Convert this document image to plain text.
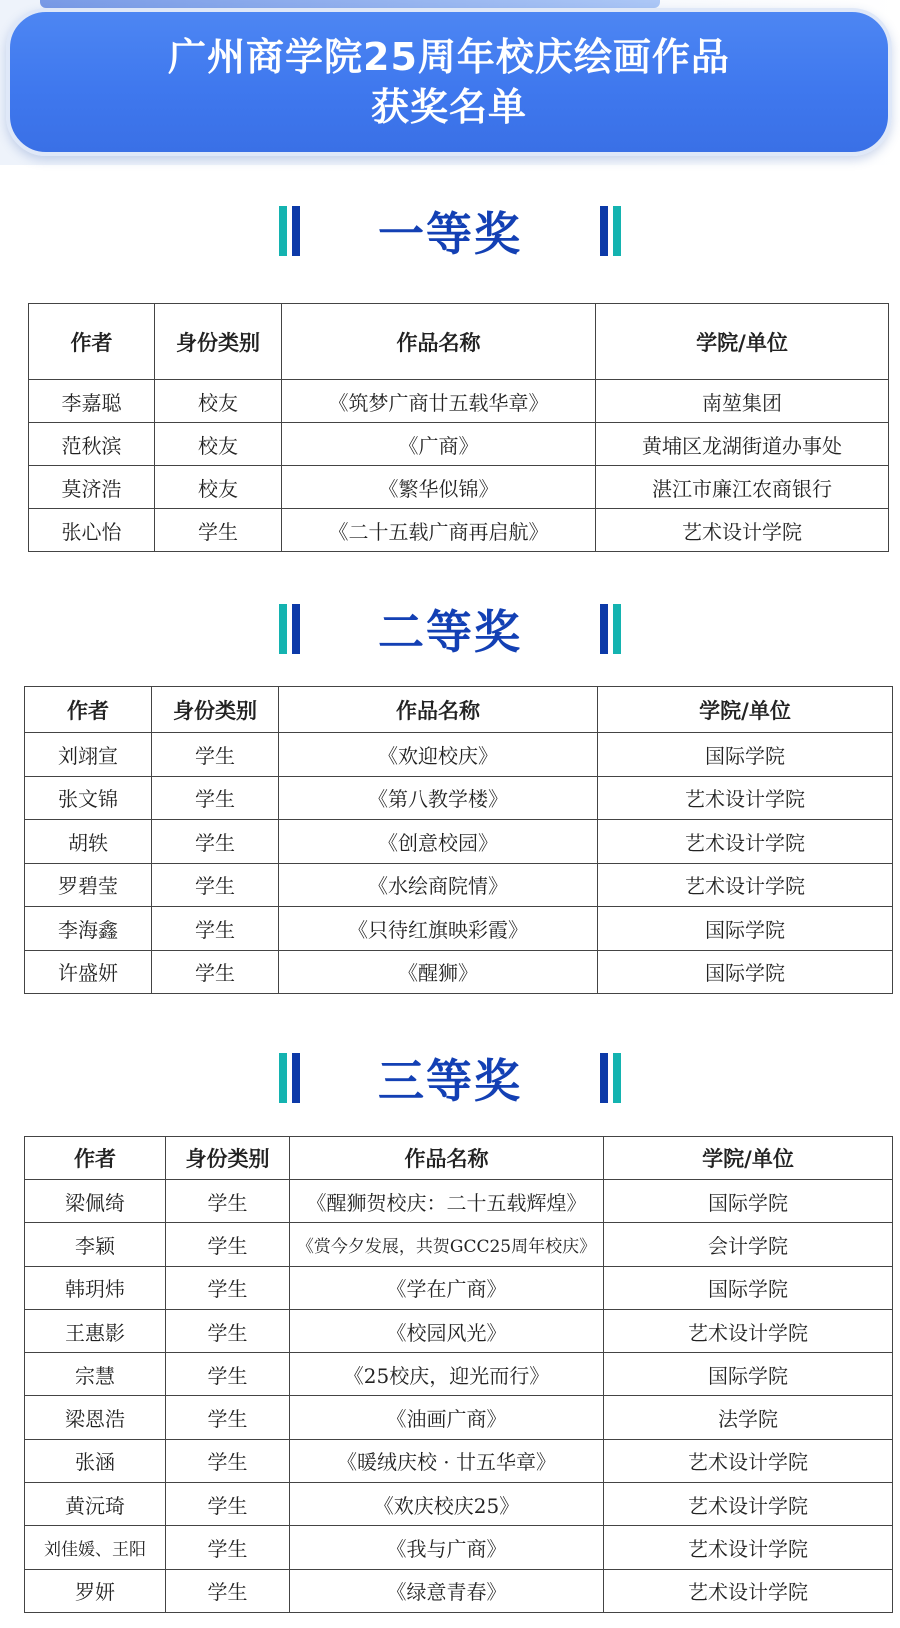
广州商学院25周年校庆绘画作品
获奖名单
一等奖
作者	身份类别	作品名称	学院/单位
李嘉聪	校友	《筑梦广商廿五载华章》	南堃集团
范秋滨	校友	《广商》	黄埔区龙湖街道办事处
莫济浩	校友	《繁华似锦》	湛江市廉江农商银行
张心怡	学生	《二十五载广商再启航》	艺术设计学院
二等奖
作者	身份类别	作品名称	学院/单位
刘翊宣	学生	《欢迎校庆》	国际学院
张文锦	学生	《第八教学楼》	艺术设计学院
胡轶	学生	《创意校园》	艺术设计学院
罗碧莹	学生	《水绘商院情》	艺术设计学院
李海鑫	学生	《只待红旗映彩霞》	国际学院
许盛妍	学生	《醒狮》	国际学院
三等奖
作者	身份类别	作品名称	学院/单位
梁佩绮	学生	《醒狮贺校庆：二十五载辉煌》	国际学院
李颖	学生	《赏今夕发展，共贺GCC25周年校庆》	会计学院
韩玥炜	学生	《学在广商》	国际学院
王惠影	学生	《校园风光》	艺术设计学院
宗慧	学生	《25校庆，迎光而行》	国际学院
梁恩浩	学生	《油画广商》	法学院
张涵	学生	《暖绒庆校 · 廿五华章》	艺术设计学院
黄沅琦	学生	《欢庆校庆25》	艺术设计学院
刘佳媛、王阳	学生	《我与广商》	艺术设计学院
罗妍	学生	《绿意青春》	艺术设计学院
